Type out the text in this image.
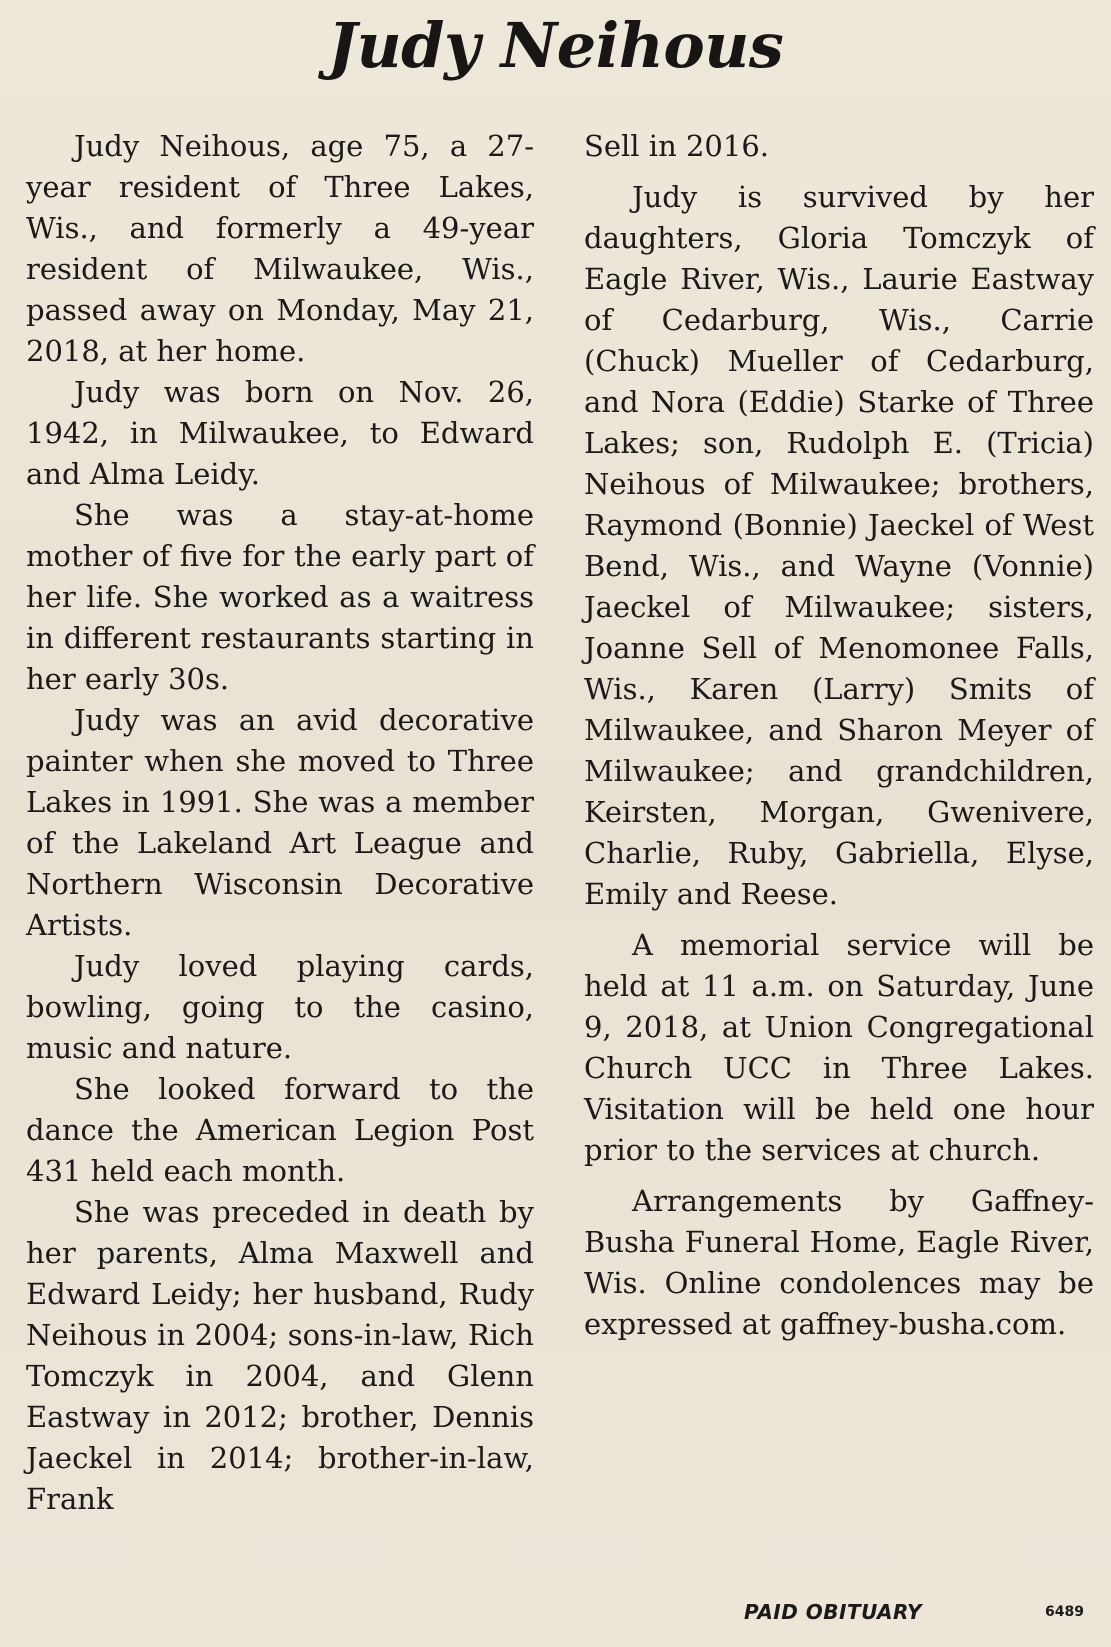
Judy Neihous

Judy Neihous, age 75, a 27-year resident of Three Lakes, Wis., and formerly a 49-year resident of Milwaukee, Wis., passed away on Monday, May 21, 2018, at her home.

Judy was born on Nov. 26, 1942, in Milwaukee, to Edward and Alma Leidy.

She was a stay-at-home mother of five for the early part of her life. She worked as a waitress in different restaurants starting in her early 30s.

Judy was an avid decorative painter when she moved to Three Lakes in 1991. She was a member of the Lakeland Art League and Northern Wisconsin Decorative Artists.

Judy loved playing cards, bowling, going to the casino, music and nature.

She looked forward to the dance the American Legion Post 431 held each month.

She was preceded in death by her parents, Alma Maxwell and Edward Leidy; her husband, Rudy Neihous in 2004; sons-in-law, Rich Tomczyk in 2004, and Glenn Eastway in 2012; brother, Dennis Jaeckel in 2014; brother-in-law, Frank

Sell in 2016.

Judy is survived by her daughters, Gloria Tomczyk of Eagle River, Wis., Laurie Eastway of Cedarburg, Wis., Carrie (Chuck) Mueller of Cedarburg, and Nora (Eddie) Starke of Three Lakes; son, Rudolph E. (Tricia) Neihous of Milwaukee; brothers, Raymond (Bonnie) Jaeckel of West Bend, Wis., and Wayne (Vonnie) Jaeckel of Milwaukee; sisters, Joanne Sell of Menomonee Falls, Wis., Karen (Larry) Smits of Milwaukee, and Sharon Meyer of Milwaukee; and grandchildren, Keirsten, Morgan, Gwenivere, Charlie, Ruby, Gabriella, Elyse, Emily and Reese.

A memorial service will be held at 11 a.m. on Saturday, June 9, 2018, at Union Congregational Church UCC in Three Lakes. Visitation will be held one hour prior to the services at church.

Arrangements by Gaffney-Busha Funeral Home, Eagle River, Wis. Online condolences may be expressed at gaffney-busha.com.

PAID OBITUARY	6489
